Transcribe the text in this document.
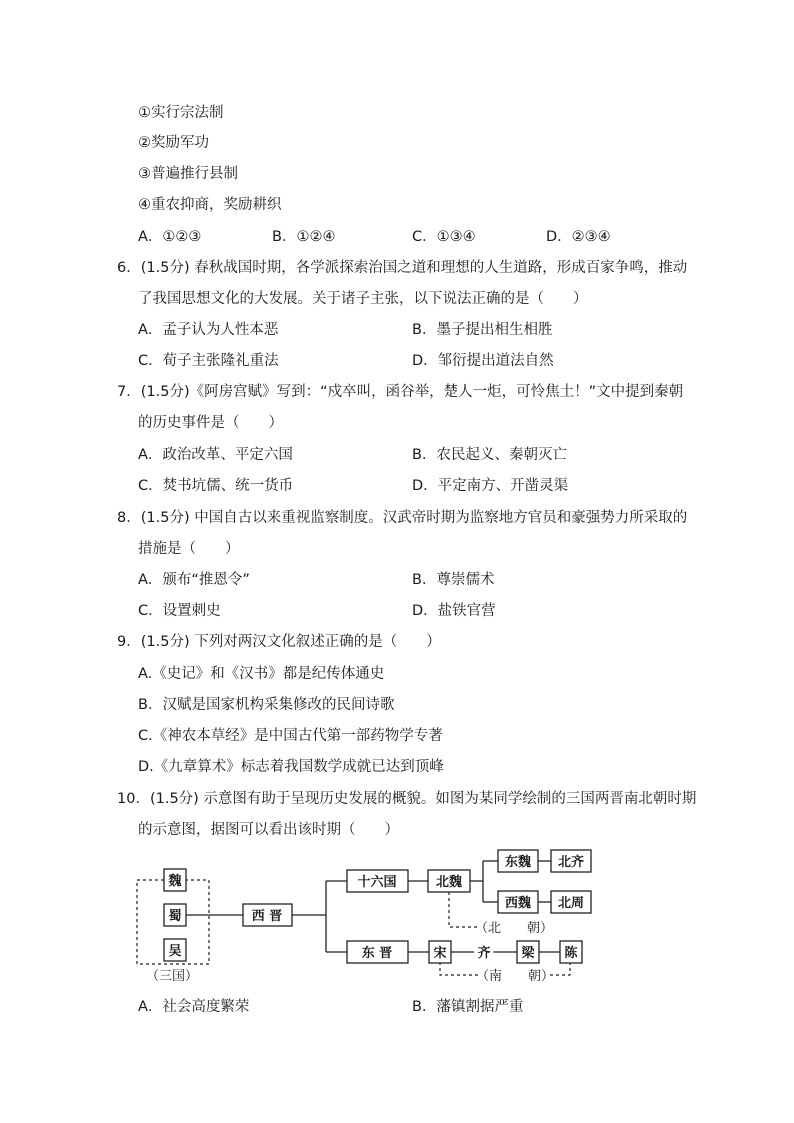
①实行宗法制
②奖励军功
③普遍推行县制
④重农抑商，奖励耕织
A．①②③	B．①②④	C．①③④	D．②③④
6．(1.5分) 春秋战国时期，各学派探索治国之道和理想的人生道路，形成百家争鸣，推动
了我国思想文化的大发展。关于诸子主张，以下说法正确的是（　　）
A．孟子认为人性本恶	B．墨子提出相生相胜
C．荀子主张隆礼重法	D．邹衍提出道法自然
7．(1.5分)《阿房宫赋》写到：“戍卒叫，函谷举，楚人一炬，可怜焦土！”文中提到秦朝
的历史事件是（　　）
A．政治改革、平定六国	B．农民起义、秦朝灭亡
C．焚书坑儒、统一货币	D．平定南方、开凿灵渠
8．(1.5分) 中国自古以来重视监察制度。汉武帝时期为监察地方官员和豪强势力所采取的
措施是（　　）
A．颁布“推恩令”	B．尊崇儒术
C．设置刺史	D．盐铁官营
9．(1.5分) 下列对两汉文化叙述正确的是（　　）
A.《史记》和《汉书》都是纪传体通史
B．汉赋是国家机构采集修改的民间诗歌
C.《神农本草经》是中国古代第一部药物学专著
D.《九章算术》标志着我国数学成就已达到顶峰
10．(1.5分) 示意图有助于呈现历史发展的概貌。如图为某同学绘制的三国两晋南北朝时期
的示意图，据图可以看出该时期（　　）
魏
蜀
吴
西 晋
十六国
东 晋
北魏
东魏 北齐
西魏 北周
宋 齐 梁 陈
（三国）
（北　　朝）
（南　　朝）
A．社会高度繁荣	B．藩镇割据严重
